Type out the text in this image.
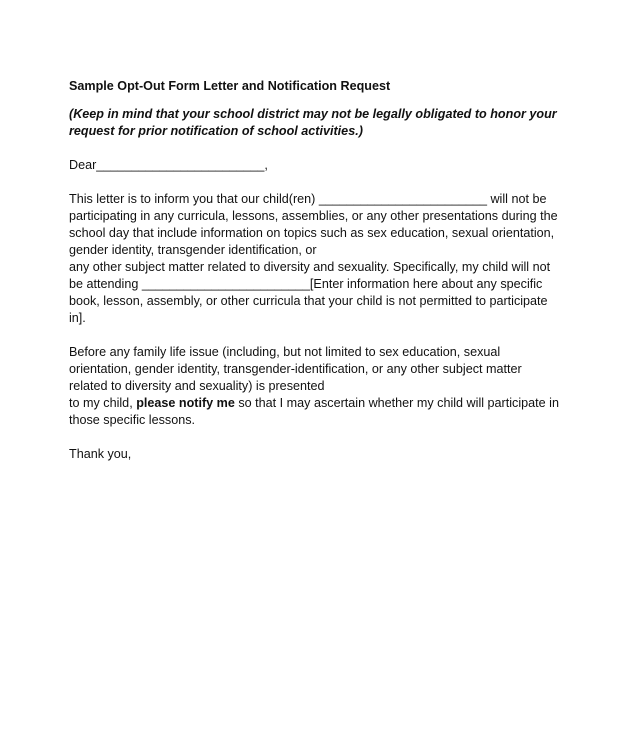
Sample Opt-Out Form Letter and Notification Request
(Keep in mind that your school district may not be legally obligated to honor your
request for prior notification of school activities.)
Dear________________________,
This letter is to inform you that our child(ren) ________________________ will not be
participating in any curricula, lessons, assemblies, or any other presentations during the
school day that include information on topics such as sex education, sexual orientation,
gender identity, transgender identification, or
any other subject matter related to diversity and sexuality. Specifically, my child will not
be attending ________________________[Enter information here about any specific
book, lesson, assembly, or other curricula that your child is not permitted to participate
in].
Before any family life issue (including, but not limited to sex education, sexual
orientation, gender identity, transgender-identification, or any other subject matter
related to diversity and sexuality) is presented
to my child, please notify me so that I may ascertain whether my child will participate in
those specific lessons.
Thank you,
